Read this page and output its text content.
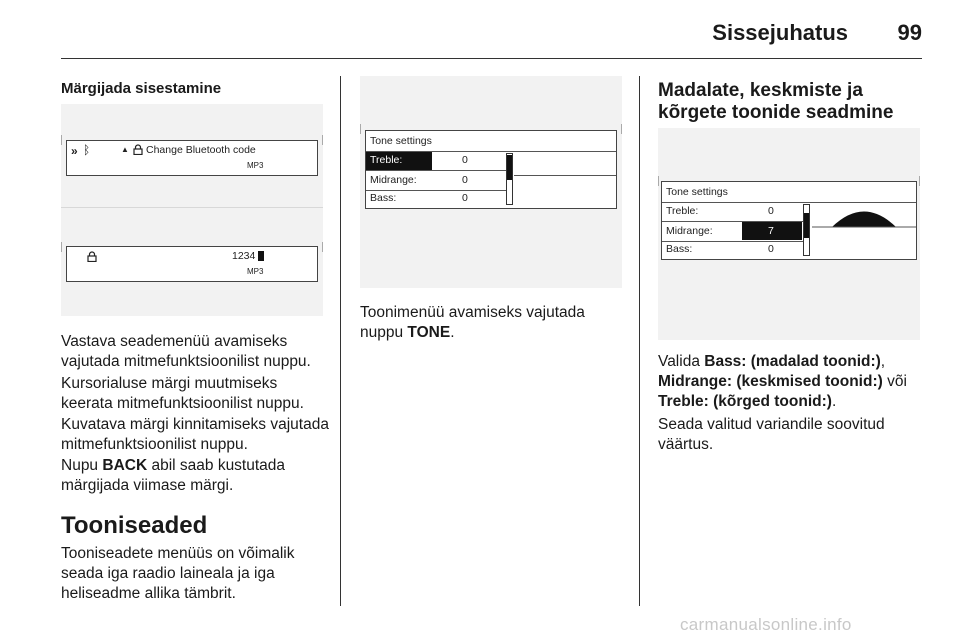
Sissejuhatus 99
Märgijada sisestamine
» ᛒ	▲ Change Bluetooth code
MP3
1234
MP3

Vastava seademenüü avamiseks vajutada mitmefunktsioonilist nuppu.

Kursorialuse märgi muutmiseks keerata mitmefunktsioonilist nuppu.

Kuvatava märgi kinnitamiseks vajutada mitmefunktsioonilist nuppu.

Nupu BACK abil saab kustutada märgijada viimase märgi.

Tooniseaded

Tooniseadete menüüs on võimalik seada iga raadio laineala ja iga heliseadme allika tämbrit.

Tone settings
Treble:	0
Midrange:	0
Bass:	0

Toonimenüü avamiseks vajutada nuppu TONE.

Madalate, keskmiste ja kõrgete toonide seadmine
Tone settings
Treble:	0
Midrange:	7
Bass:	0

Valida Bass: (madalad toonid:),
Midrange: (keskmised toonid:) või
Treble: (kõrged toonid:).

Seada valitud variandile soovitud väärtus.

carmanualsonline.info
